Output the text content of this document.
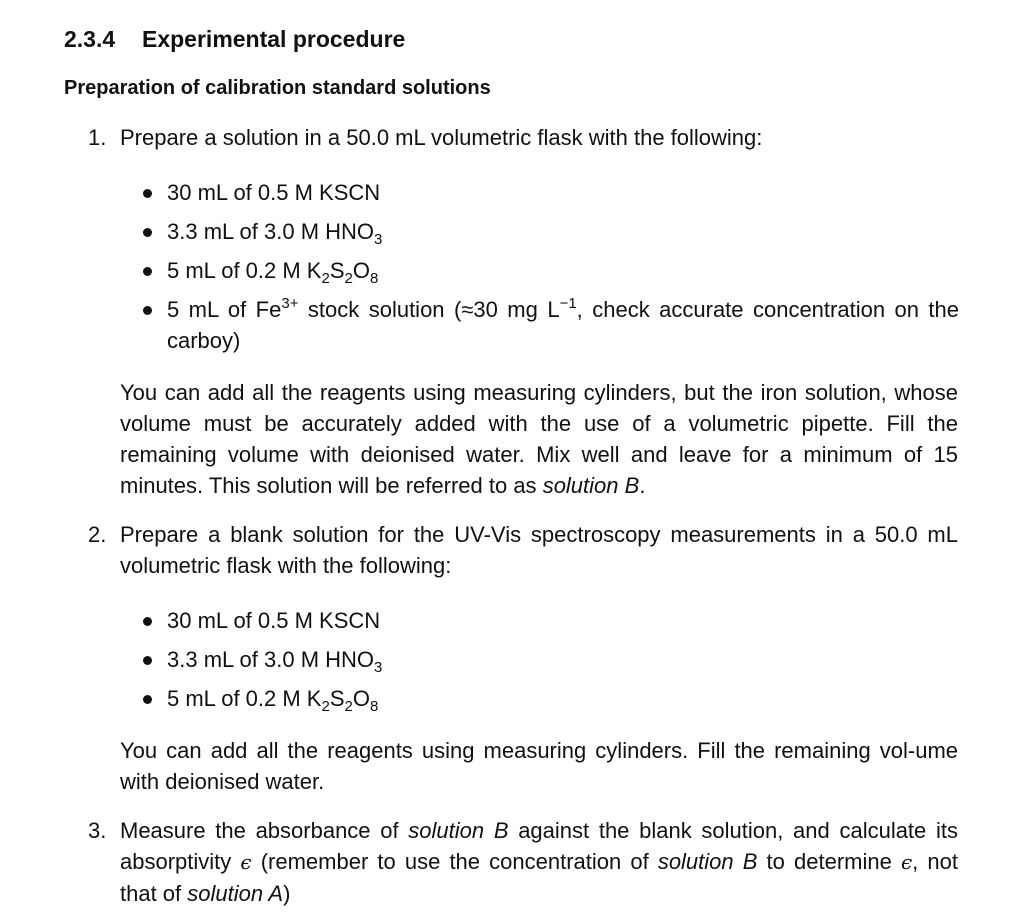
2.3.4 Experimental procedure
Preparation of calibration standard solutions
1. Prepare a solution in a 50.0 mL volumetric flask with the following:
30 mL of 0.5 M KSCN
3.3 mL of 3.0 M $HNO_3$
5 mL of 0.2 M $K_2S_2O_8$
5 mL of $Fe^{3+}$ stock solution (≈30 mg $L^{-1}$, check accurate concentration on the carboy)

You can add all the reagents using measuring cylinders, but the iron solution, whose volume must be accurately added with the use of a volumetric pipette. Fill the remaining volume with deionised water. Mix well and leave for a minimum of 15 minutes. This solution will be referred to as solution B.

2. Prepare a blank solution for the UV-Vis spectroscopy measurements in a 50.0 mL volumetric flask with the following:
30 mL of 0.5 M KSCN
3.3 mL of 3.0 M $HNO_3$
5 mL of 0.2 M $K_2S_2O_8$

You can add all the reagents using measuring cylinders. Fill the remaining vol-ume with deionised water.

3. Measure the absorbance of solution B against the blank solution, and calculate its absorptivity ϵ (remember to use the concentration of solution B to determine ϵ, not that of solution A)
